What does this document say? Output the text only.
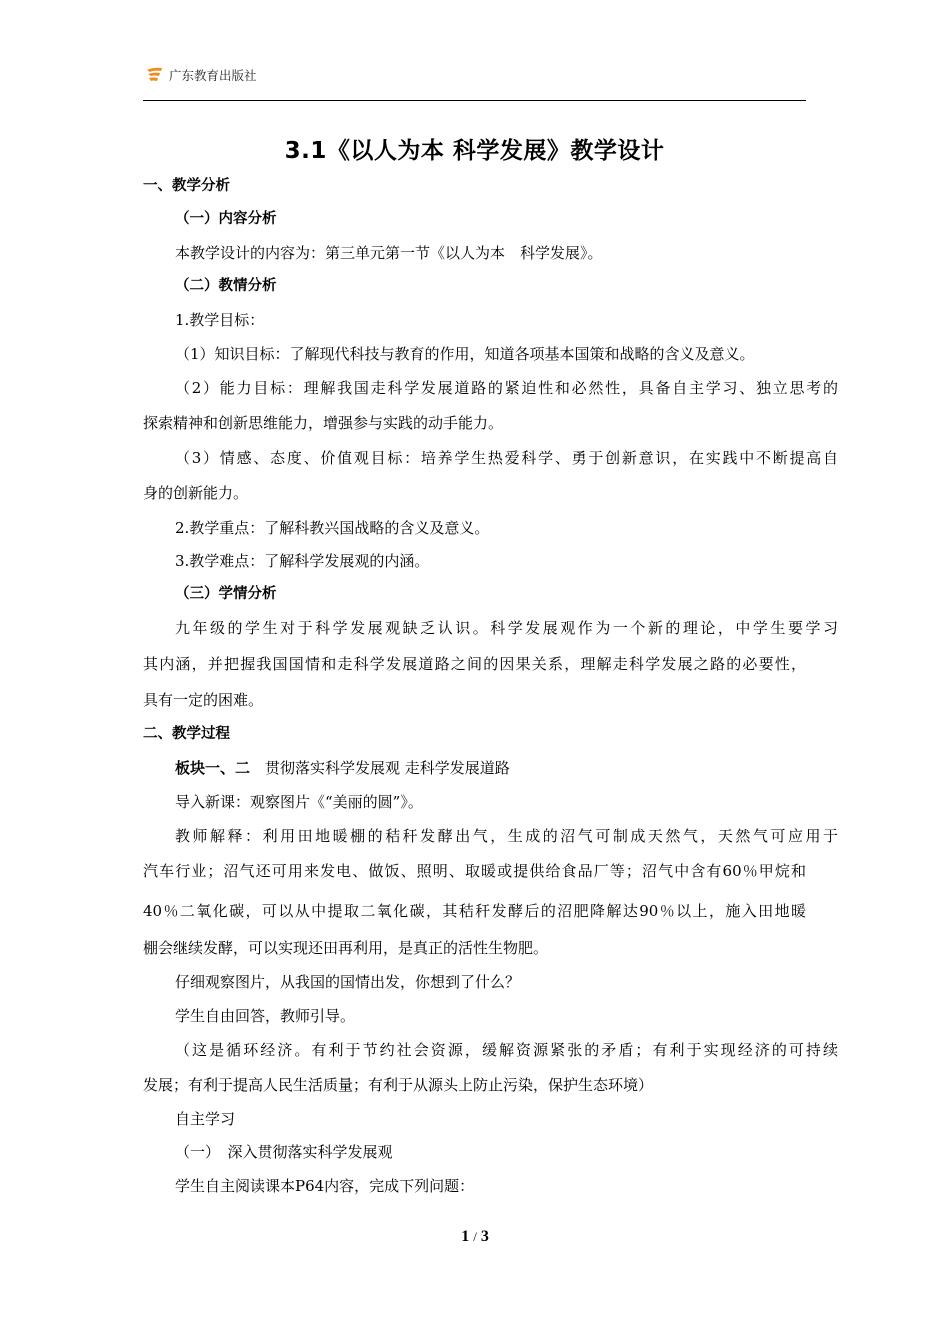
广东教育出版社
3.1《以人为本 科学发展》教学设计
一、教学分析
（一）内容分析
本教学设计的内容为：第三单元第一节《以人为本　科学发展》。
（二）教情分析
1.教学目标：
（1）知识目标：了解现代科技与教育的作用，知道各项基本国策和战略的含义及意义。
（2）能力目标：理解我国走科学发展道路的紧迫性和必然性，具备自主学习、独立思考的
探索精神和创新思维能力，增强参与实践的动手能力。
（3）情感、态度、价值观目标：培养学生热爱科学、勇于创新意识，在实践中不断提高自
身的创新能力。
2.教学重点：了解科教兴国战略的含义及意义。
3.教学难点：了解科学发展观的内涵。
（三）学情分析
九年级的学生对于科学发展观缺乏认识。科学发展观作为一个新的理论，中学生要学习
其内涵，并把握我国国情和走科学发展道路之间的因果关系，理解走科学发展之路的必要性，
具有一定的困难。
二、教学过程
板块一、二　贯彻落实科学发展观 走科学发展道路
导入新课：观察图片《“美丽的圆”》。
教师解释：利用田地暖棚的秸秆发酵出气，生成的沼气可制成天然气，天然气可应用于
汽车行业；沼气还可用来发电、做饭、照明、取暖或提供给食品厂等；沼气中含有60％甲烷和
40％二氧化碳，可以从中提取二氧化碳，其秸秆发酵后的沼肥降解达90％以上，施入田地暖
棚会继续发酵，可以实现还田再利用，是真正的活性生物肥。
仔细观察图片，从我国的国情出发，你想到了什么？
学生自由回答，教师引导。
（这是循环经济。有利于节约社会资源，缓解资源紧张的矛盾；有利于实现经济的可持续
发展；有利于提高人民生活质量；有利于从源头上防止污染，保护生态环境）
自主学习
（一）　深入贯彻落实科学发展观
学生自主阅读课本P64内容，完成下列问题：
1 / 3
